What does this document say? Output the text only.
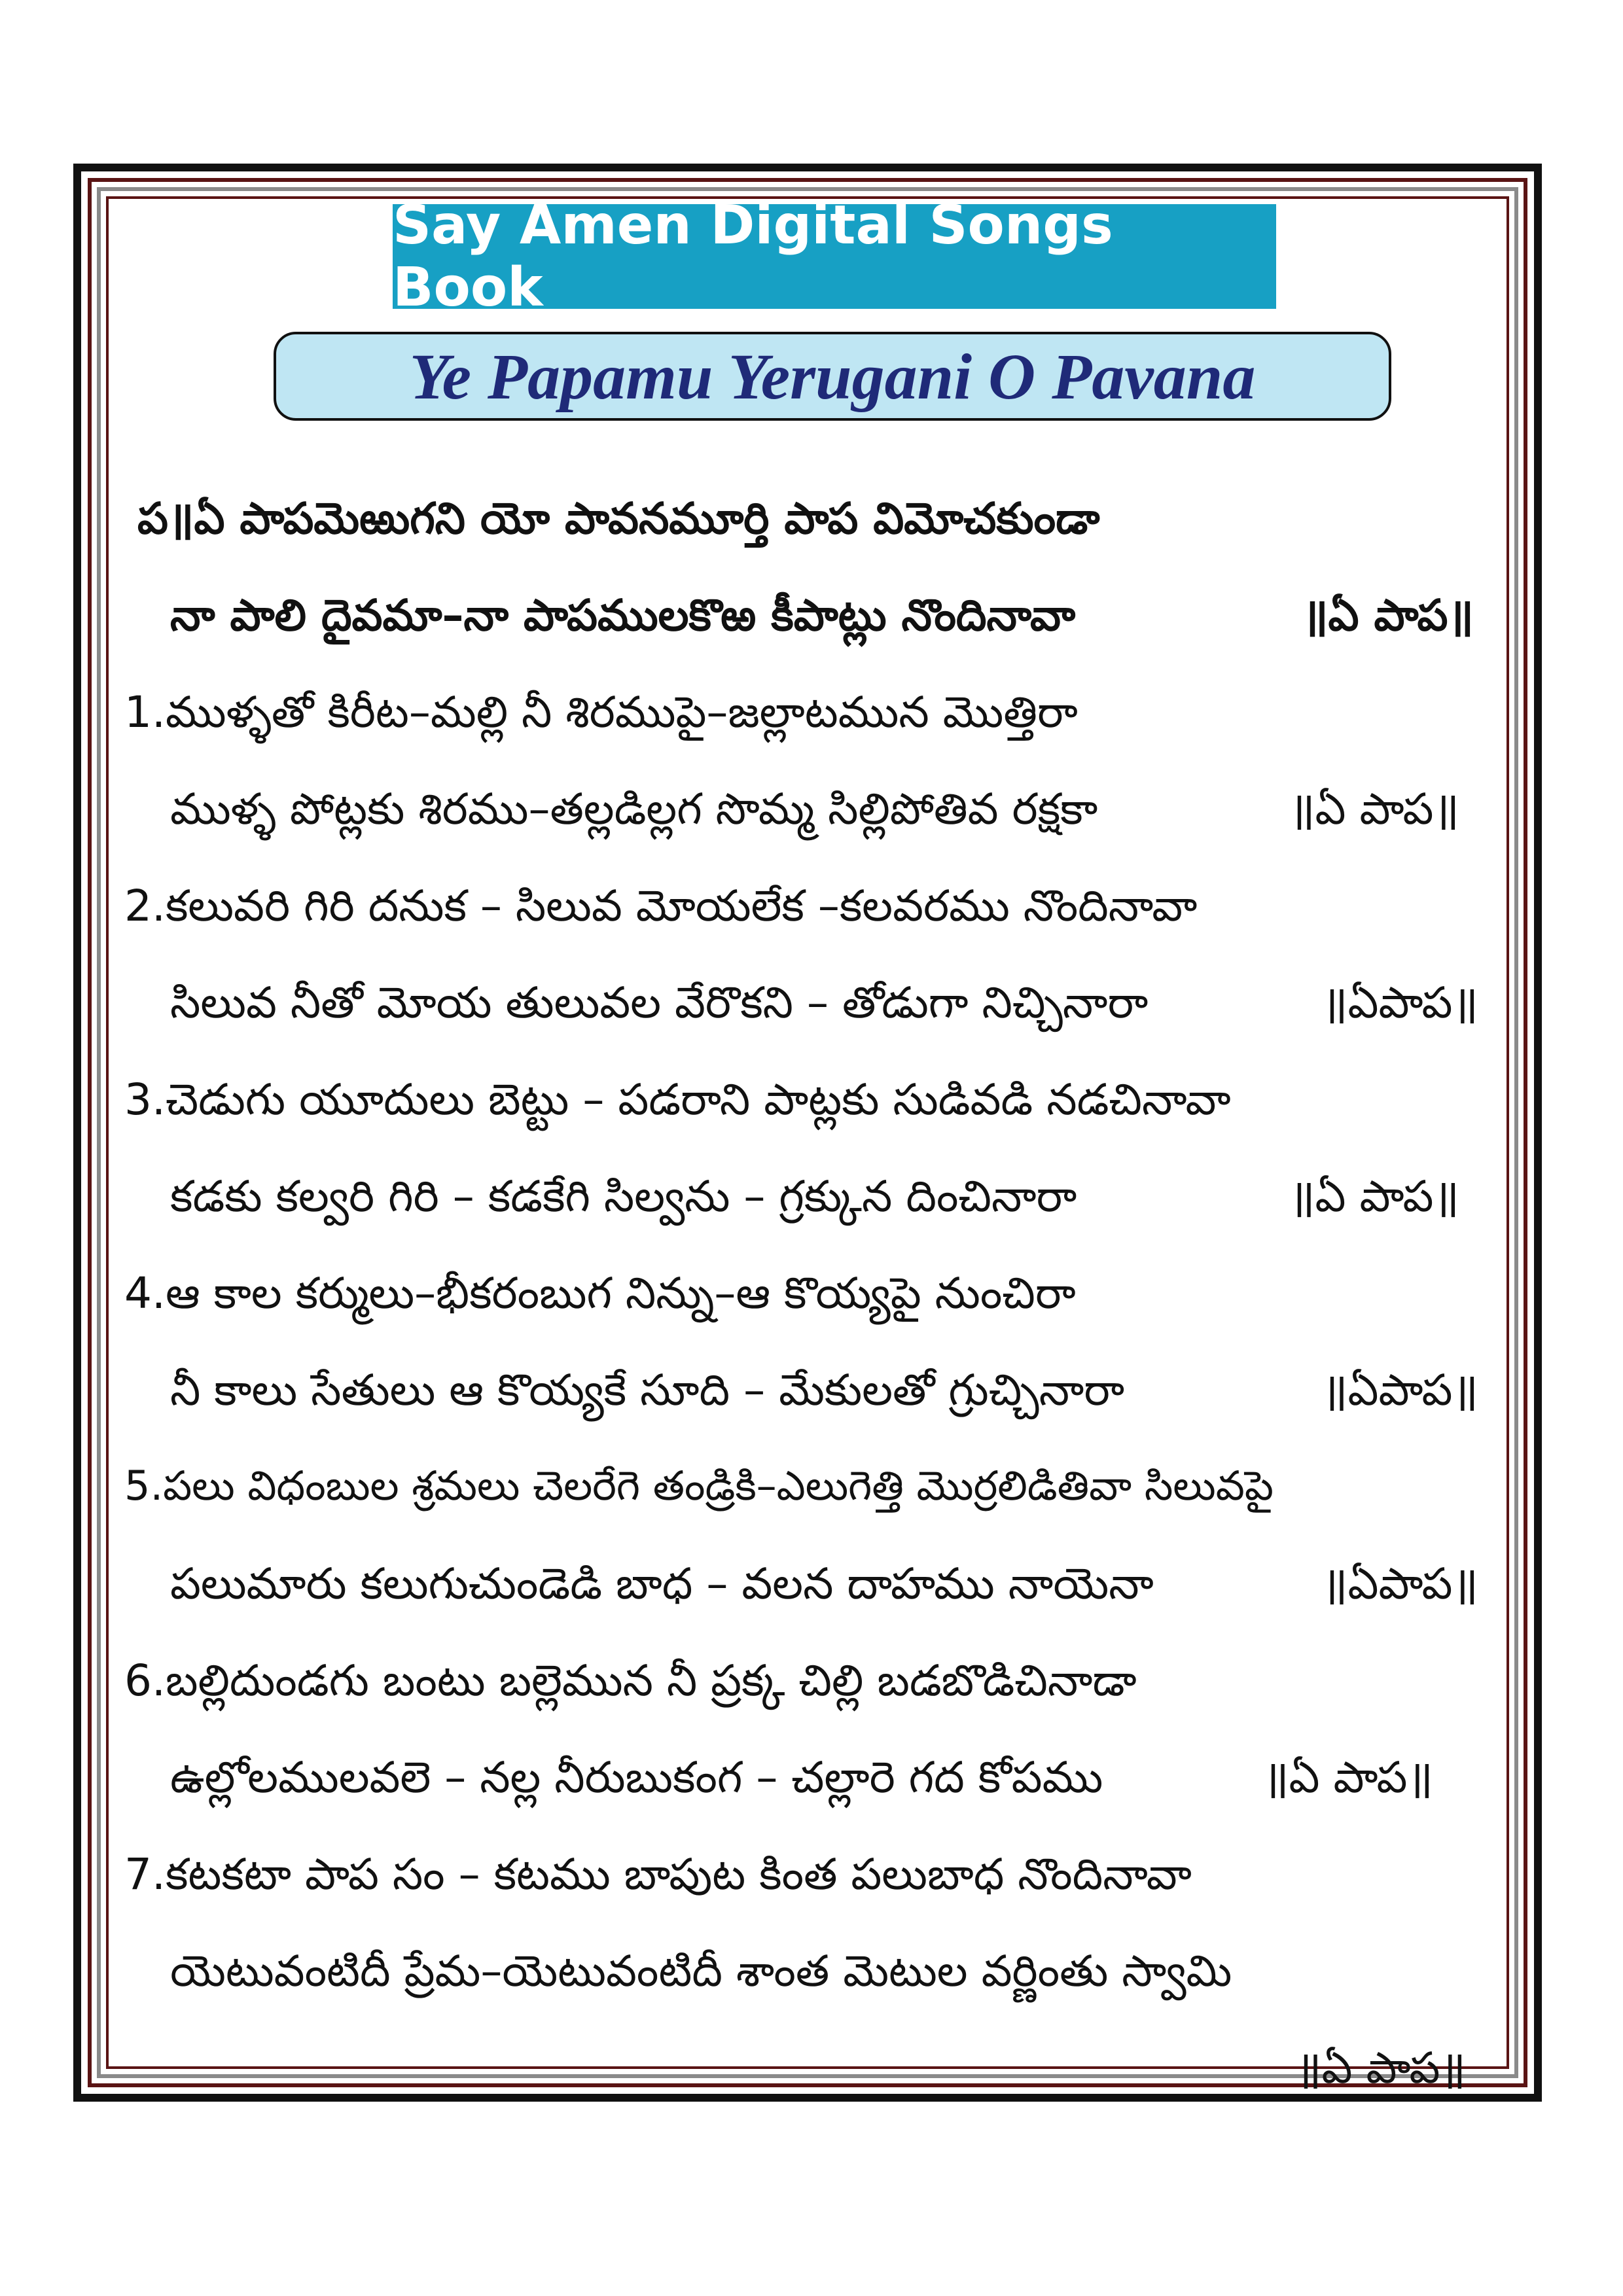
Say Amen Digital Songs Book
Ye Papamu Yerugani O Pavana
ప॥ఏ పాపమెఱుగని యో పావనమూర్తి పాప విమోచకుండా
నా పాలి దైవమా–నా పాపములకొఱ కీపాట్లు నొందినావా	॥ఏ పాప॥
1.ముళ్ళతో కిరీట–మల్లి నీ శిరముపై–జల్లాటమున మొత్తిరా
ముళ్ళ పోట్లకు శిరము–తల్లడిల్లగ సొమ్మ సిల్లిపోతివ రక్షకా	॥ఏ పాప॥
2.కలువరి గిరి దనుక – సిలువ మోయలేక –కలవరము నొందినావా
సిలువ నీతో మోయ తులువల వేరొకని – తోడుగా నిచ్చినారా	॥ఏపాప॥
3.చెడుగు యూదులు బెట్టు – పడరాని పాట్లకు సుడివడి నడచినావా
కడకు కల్వరి గిరి – కడకేగి సిల్వను – గ్రక్కున దించినారా	॥ఏ పాప॥
4.ఆ కాల కర్ములు–భీకరంబుగ నిన్ను–ఆ కొయ్యపై నుంచిరా
నీ కాలు సేతులు ఆ కొయ్యకే సూది – మేకులతో గ్రుచ్చినారా	॥ఏపాప॥
5.పలు విధంబుల శ్రమలు చెలరేగె తండ్రికి–ఎలుగెత్తి మొర్రలిడితివా సిలువపై
పలుమారు కలుగుచుండెడి బాధ – వలన దాహము నాయెనా	॥ఏపాప॥
6.బల్లిదుండగు బంటు బల్లెమున నీ ప్రక్క చిల్లి బడబొడిచినాడా
ఉల్లోలములవలె – నల్ల నీరుబుకంగ – చల్లారె గద కోపము	॥ఏ పాప॥
7.కటకటా పాప సం – కటము బాపుట కింత పలుబాధ నొందినావా
యెటువంటిదీ ప్రేమ–యెటువంటిదీ శాంత మెటుల వర్ణింతు స్వామి
॥ఏ పాప॥
